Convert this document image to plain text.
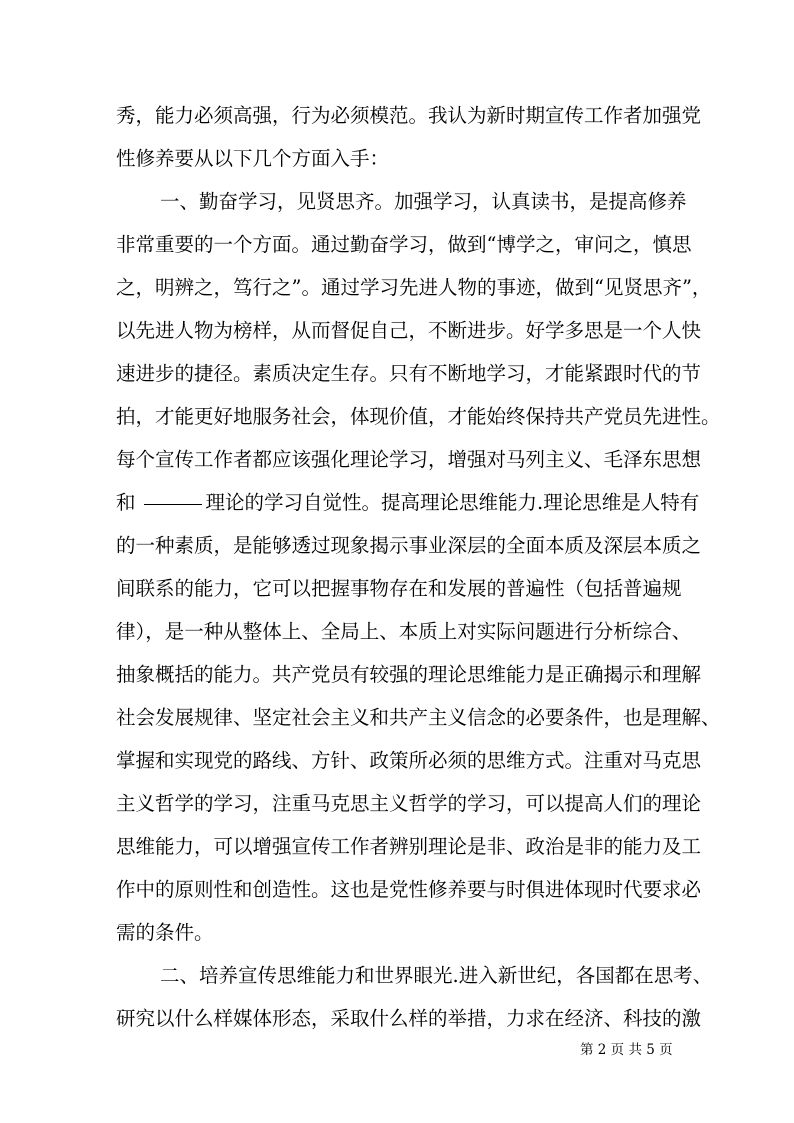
秀，能力必须高强，行为必须模范。我认为新时期宣传工作者加强党
性修养要从以下几个方面入手：
一、勤奋学习，见贤思齐。加强学习，认真读书，是提高修养
非常重要的一个方面。通过勤奋学习，做到“博学之，审问之，慎思
之，明辨之，笃行之”。通过学习先进人物的事迹，做到“见贤思齐”，
以先进人物为榜样，从而督促自己，不断进步。好学多思是一个人快
速进步的捷径。素质决定生存。只有不断地学习，才能紧跟时代的节
拍，才能更好地服务社会，体现价值，才能始终保持共产党员先进性。
每个宣传工作者都应该强化理论学习，增强对马列主义、毛泽东思想
和	理论的学习自觉性。提高理论思维能力.理论思维是人特有
的一种素质，是能够透过现象揭示事业深层的全面本质及深层本质之
间联系的能力，它可以把握事物存在和发展的普遍性（包括普遍规
律），是一种从整体上、全局上、本质上对实际问题进行分析综合、
抽象概括的能力。共产党员有较强的理论思维能力是正确揭示和理解
社会发展规律、坚定社会主义和共产主义信念的必要条件，也是理解、
掌握和实现党的路线、方针、政策所必须的思维方式。注重对马克思
主义哲学的学习，注重马克思主义哲学的学习，可以提高人们的理论
思维能力，可以增强宣传工作者辨别理论是非、政治是非的能力及工
作中的原则性和创造性。这也是党性修养要与时俱进体现时代要求必
需的条件。
二、培养宣传思维能力和世界眼光.进入新世纪，各国都在思考、
研究以什么样媒体形态，采取什么样的举措，力求在经济、科技的激
第 2 页 共 5 页
